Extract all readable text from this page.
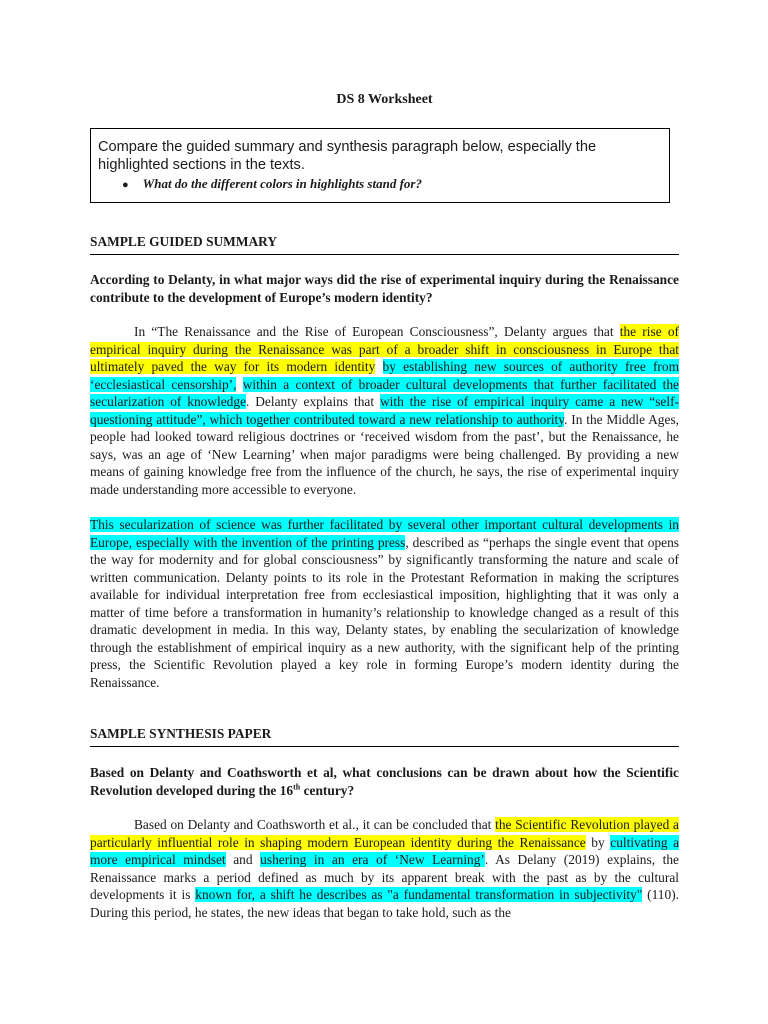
DS 8 Worksheet

Compare the guided summary and synthesis paragraph below, especially the highlighted sections in the texts.

● What do the different colors in highlights stand for?

SAMPLE GUIDED SUMMARY

According to Delanty, in what major ways did the rise of experimental inquiry during the Renaissance contribute to the development of Europe’s modern identity?

In “The Renaissance and the Rise of European Consciousness”, Delanty argues that the rise of empirical inquiry during the Renaissance was part of a broader shift in consciousness in Europe that ultimately paved the way for its modern identity by establishing new sources of authority free from ‘ecclesiastical censorship’, within a context of broader cultural developments that further facilitated the secularization of knowledge. Delanty explains that with the rise of empirical inquiry came a new “self-questioning attitude”, which together contributed toward a new relationship to authority. In the Middle Ages, people had looked toward religious doctrines or ‘received wisdom from the past’, but the Renaissance, he says, was an age of ‘New Learning’ when major paradigms were being challenged. By providing a new means of gaining knowledge free from the influence of the church, he says, the rise of experimental inquiry made understanding more accessible to everyone.

This secularization of science was further facilitated by several other important cultural developments in Europe, especially with the invention of the printing press, described as “perhaps the single event that opens the way for modernity and for global consciousness” by significantly transforming the nature and scale of written communication. Delanty points to its role in the Protestant Reformation in making the scriptures available for individual interpretation free from ecclesiastical imposition, highlighting that it was only a matter of time before a transformation in humanity’s relationship to knowledge changed as a result of this dramatic development in media. In this way, Delanty states, by enabling the secularization of knowledge through the establishment of empirical inquiry as a new authority, with the significant help of the printing press, the Scientific Revolution played a key role in forming Europe’s modern identity during the Renaissance.

SAMPLE SYNTHESIS PAPER

Based on Delanty and Coathsworth et al, what conclusions can be drawn about how the Scientific Revolution developed during the 16th century?

Based on Delanty and Coathsworth et al., it can be concluded that the Scientific Revolution played a particularly influential role in shaping modern European identity during the Renaissance by cultivating a more empirical mindset and ushering in an era of ‘New Learning’. As Delany (2019) explains, the Renaissance marks a period defined as much by its apparent break with the past as by the cultural developments it is known for, a shift he describes as "a fundamental transformation in subjectivity" (110). During this period, he states, the new ideas that began to take hold, such as the
